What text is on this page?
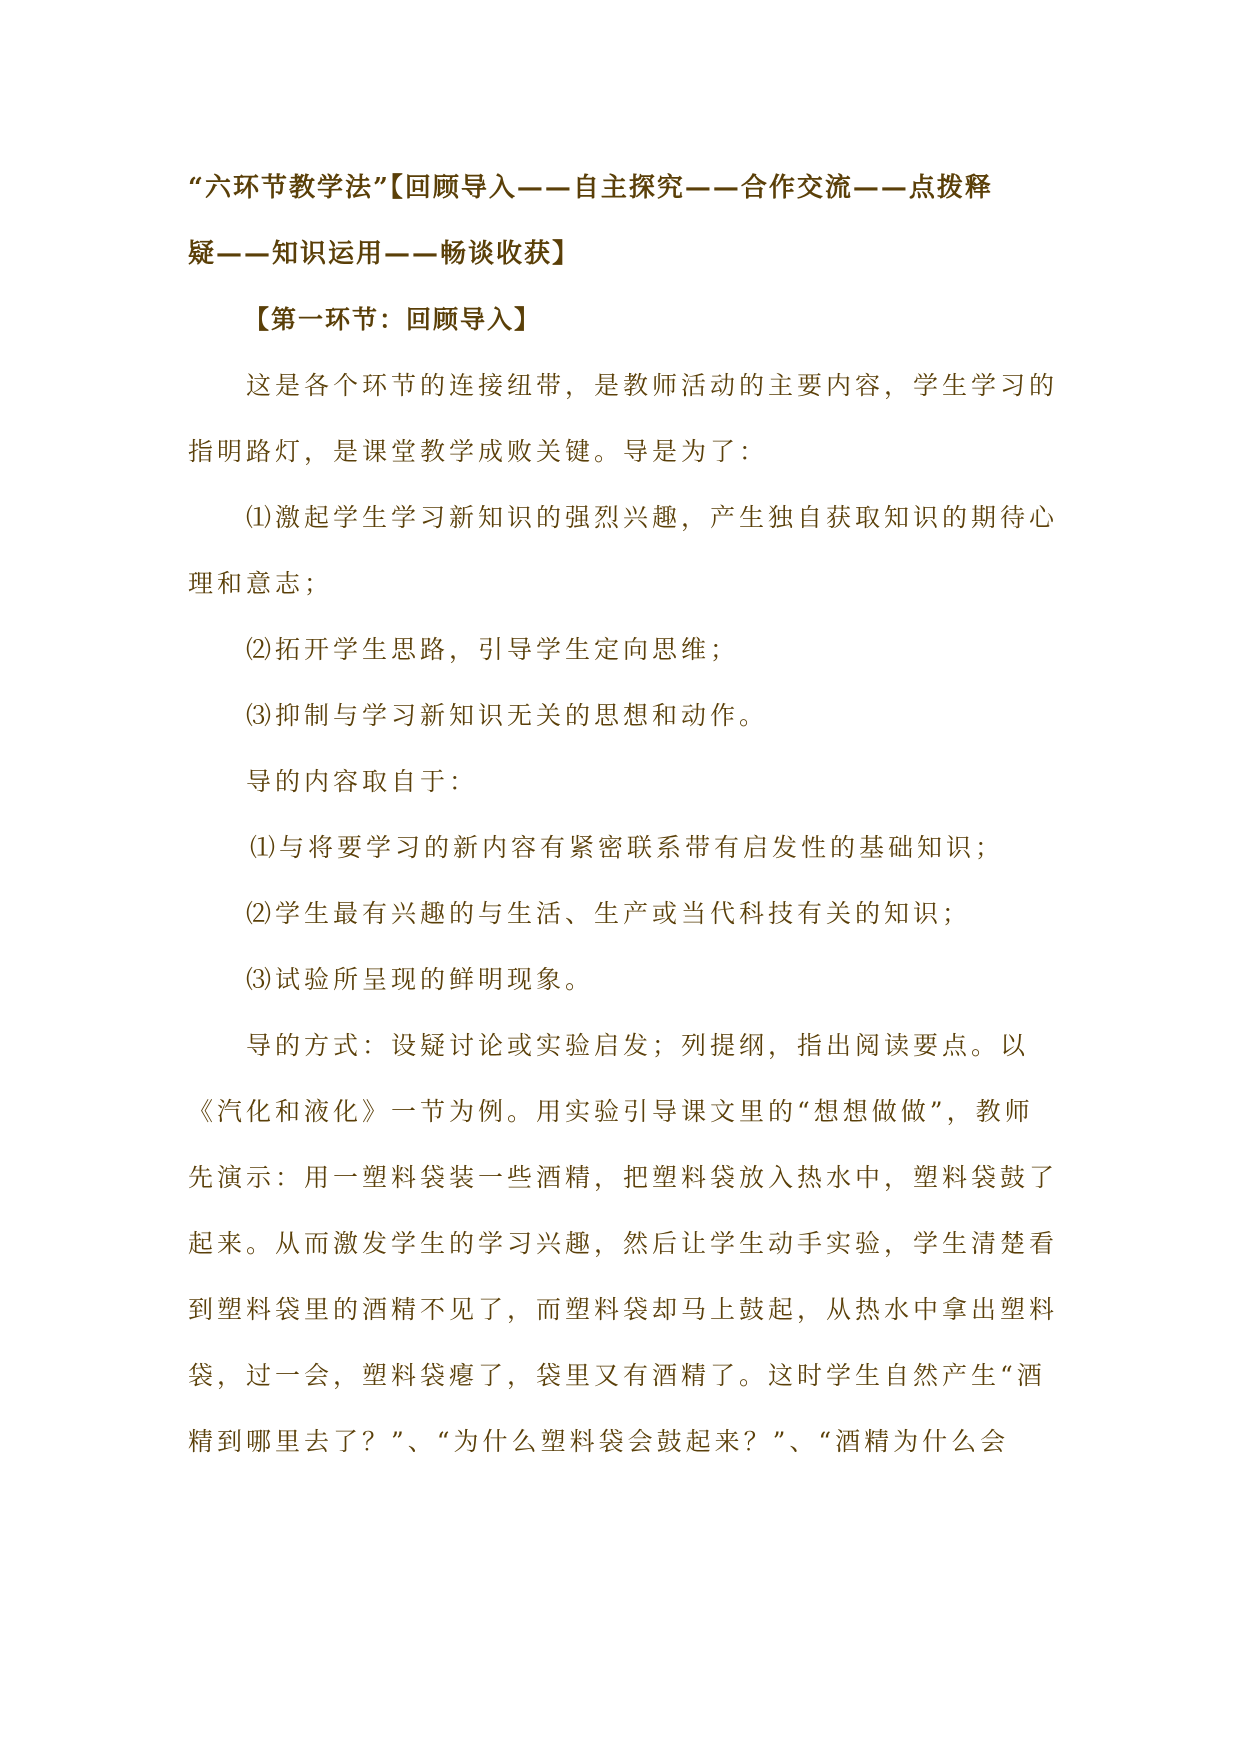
“六环节教学法”【回顾导入——自主探究——合作交流——点拨释
疑——知识运用——畅谈收获】
【第一环节：回顾导入】

这是各个环节的连接纽带，是教师活动的主要内容，学生学习的
指明路灯，是课堂教学成败关键。导是为了：

⑴激起学生学习新知识的强烈兴趣，产生独自获取知识的期待心
理和意志；

⑵拓开学生思路，引导学生定向思维；

⑶抑制与学习新知识无关的思想和动作。

导的内容取自于：

⑴与将要学习的新内容有紧密联系带有启发性的基础知识；

⑵学生最有兴趣的与生活、生产或当代科技有关的知识；

⑶试验所呈现的鲜明现象。

导的方式：设疑讨论或实验启发；列提纲，指出阅读要点。以
《汽化和液化》一节为例。用实验引导课文里的“想想做做”，教师
先演示：用一塑料袋装一些酒精，把塑料袋放入热水中，塑料袋鼓了
起来。从而激发学生的学习兴趣，然后让学生动手实验，学生清楚看
到塑料袋里的酒精不见了，而塑料袋却马上鼓起，从热水中拿出塑料
袋，过一会，塑料袋瘪了，袋里又有酒精了。这时学生自然产生“酒
精到哪里去了？”、“为什么塑料袋会鼓起来？”、“酒精为什么会
